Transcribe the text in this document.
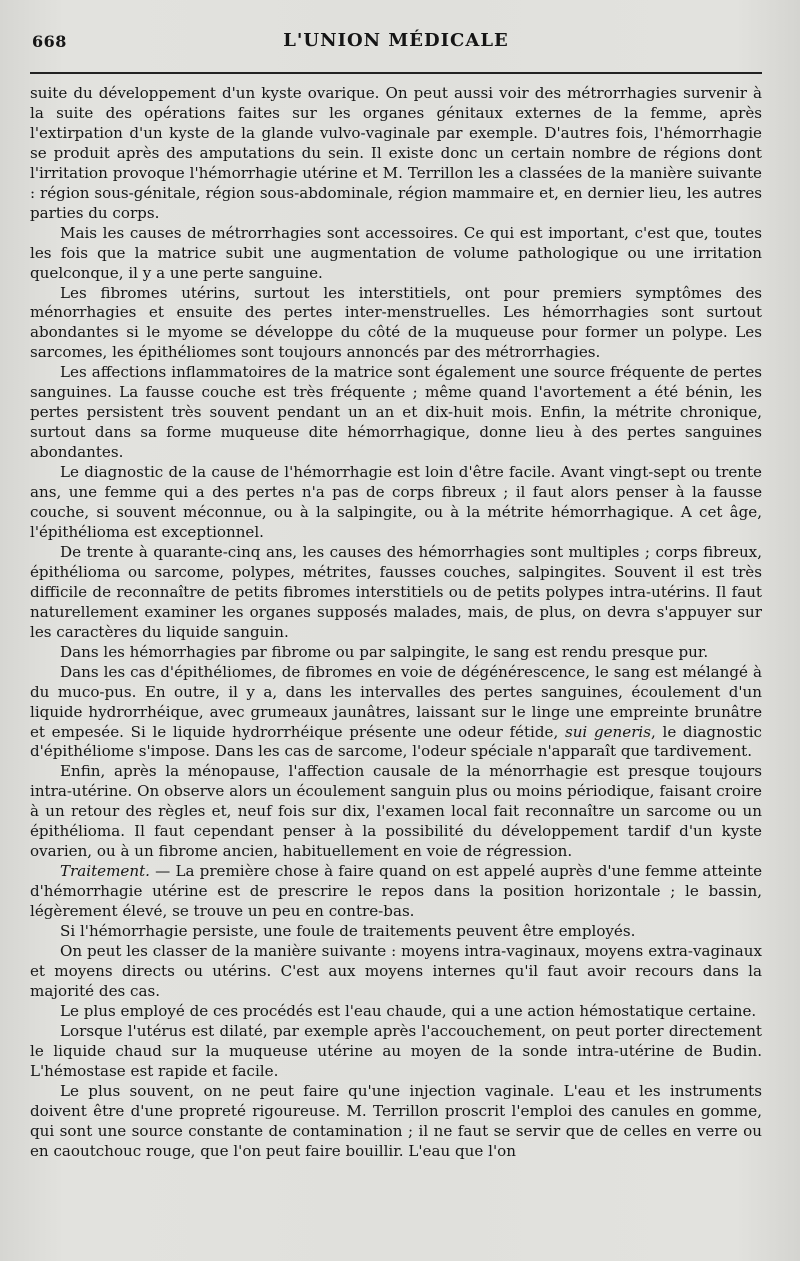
668	L'UNION MÉDICALE

suite du développement d'un kyste ovarique. On peut aussi voir des métrorrhagies survenir à la suite des opérations faites sur les organes génitaux externes de la femme, après l'extirpation d'un kyste de la glande vulvo-vaginale par exemple. D'autres fois, l'hémorrhagie se produit après des amputations du sein. Il existe donc un certain nombre de régions dont l'irritation provoque l'hémorrhagie utérine et M. Terrillon les a classées de la manière suivante : région sous-génitale, région sous-abdominale, région mammaire et, en dernier lieu, les autres parties du corps.

Mais les causes de métrorrhagies sont accessoires. Ce qui est important, c'est que, toutes les fois que la matrice subit une augmentation de volume pathologique ou une irritation quelconque, il y a une perte sanguine.

Les fibromes utérins, surtout les interstitiels, ont pour premiers symptômes des ménorrhagies et ensuite des pertes inter-menstruelles. Les hémorrhagies sont surtout abondantes si le myome se développe du côté de la muqueuse pour former un polype. Les sarcomes, les épithéliomes sont toujours annoncés par des métrorrhagies.

Les affections inflammatoires de la matrice sont également une source fréquente de pertes sanguines. La fausse couche est très fréquente ; même quand l'avortement a été bénin, les pertes persistent très souvent pendant un an et dix-huit mois. Enfin, la métrite chronique, surtout dans sa forme muqueuse dite hémorrhagique, donne lieu à des pertes sanguines abondantes.

Le diagnostic de la cause de l'hémorrhagie est loin d'être facile. Avant vingt-sept ou trente ans, une femme qui a des pertes n'a pas de corps fibreux ; il faut alors penser à la fausse couche, si souvent méconnue, ou à la salpingite, ou à la métrite hémorrhagique. A cet âge, l'épithélioma est exceptionnel.

De trente à quarante-cinq ans, les causes des hémorrhagies sont multiples ; corps fibreux, épithélioma ou sarcome, polypes, métrites, fausses couches, salpingites. Souvent il est très difficile de reconnaître de petits fibromes interstitiels ou de petits polypes intra-utérins. Il faut naturellement examiner les organes supposés malades, mais, de plus, on devra s'appuyer sur les caractères du liquide sanguin.

Dans les hémorrhagies par fibrome ou par salpingite, le sang est rendu presque pur.

Dans les cas d'épithéliomes, de fibromes en voie de dégénérescence, le sang est mélangé à du muco-pus. En outre, il y a, dans les intervalles des pertes sanguines, écoulement d'un liquide hydrorrhéique, avec grumeaux jaunâtres, laissant sur le linge une empreinte brunâtre et empesée. Si le liquide hydrorrhéique présente une odeur fétide, sui generis, le diagnostic d'épithéliome s'impose. Dans les cas de sarcome, l'odeur spéciale n'apparaît que tardivement.

Enfin, après la ménopause, l'affection causale de la ménorrhagie est presque toujours intra-utérine. On observe alors un écoulement sanguin plus ou moins périodique, faisant croire à un retour des règles et, neuf fois sur dix, l'examen local fait reconnaître un sarcome ou un épithélioma. Il faut cependant penser à la possibilité du développement tardif d'un kyste ovarien, ou à un fibrome ancien, habituellement en voie de régression.

Traitement. — La première chose à faire quand on est appelé auprès d'une femme atteinte d'hémorrhagie utérine est de prescrire le repos dans la position horizontale ; le bassin, légèrement élevé, se trouve un peu en contre-bas.

Si l'hémorrhagie persiste, une foule de traitements peuvent être employés.

On peut les classer de la manière suivante : moyens intra-vaginaux, moyens extra-vaginaux et moyens directs ou utérins. C'est aux moyens internes qu'il faut avoir recours dans la majorité des cas.

Le plus employé de ces procédés est l'eau chaude, qui a une action hémostatique certaine.

Lorsque l'utérus est dilaté, par exemple après l'accouchement, on peut porter directement le liquide chaud sur la muqueuse utérine au moyen de la sonde intra-utérine de Budin. L'hémostase est rapide et facile.

Le plus souvent, on ne peut faire qu'une injection vaginale. L'eau et les instruments doivent être d'une propreté rigoureuse. M. Terrillon proscrit l'emploi des canules en gomme, qui sont une source constante de contamination ; il ne faut se servir que de celles en verre ou en caoutchouc rouge, que l'on peut faire bouillir. L'eau que l'on
